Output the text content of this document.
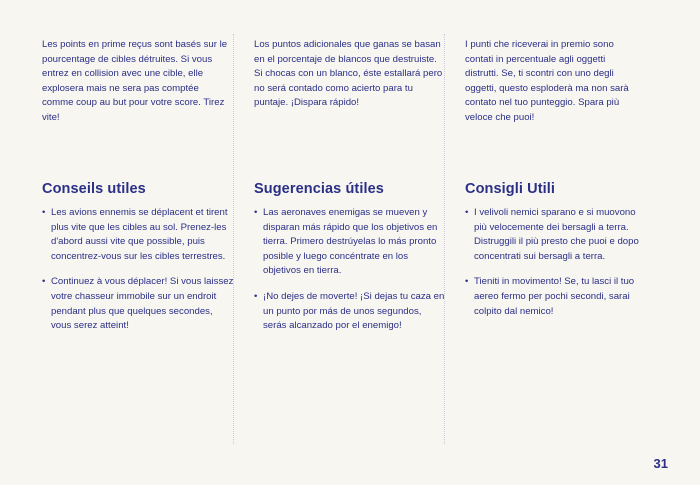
Les points en prime reçus sont basés sur le pourcentage de cibles détruites. Si vous entrez en collision avec une cible, elle explosera mais ne sera pas comptée comme coup au but pour votre score. Tirez vite!

Conseils utiles
• Les avions ennemis se déplacent et tirent plus vite que les cibles au sol. Prenez-les d'abord aussi vite que possible, puis concentrez-vous sur les cibles terrestres.
• Continuez à vous déplacer! Si vous laissez votre chasseur immobile sur un endroit pendant plus que quelques secondes, vous serez atteint!

Los puntos adicionales que ganas se basan en el porcentaje de blancos que destruiste. Si chocas con un blanco, éste estallará pero no será contado como acierto para tu puntaje. ¡Dispara rápido!

Sugerencias útiles
• Las aeronaves enemigas se mueven y disparan más rápido que los objetivos en tierra. Primero destrúyelas lo más pronto posible y luego concéntrate en los objetivos en tierra.
• ¡No dejes de moverte! ¡Si dejas tu caza en un punto por más de unos segundos, serás alcanzado por el enemigo!

I punti che riceverai in premio sono contati in percentuale agli oggetti distrutti. Se, ti scontri con uno degli oggetti, questo esploderà ma non sarà contato nel tuo punteggio. Spara più veloce che puoi!

Consigli Utili
• I velivoli nemici sparano e si muovono più velocemente dei bersagli a terra. Distruggili il più presto che puoi e dopo concentrati sui bersagli a terra.
• Tieniti in movimento! Se, tu lasci il tuo aereo fermo per pochi secondi, sarai colpito dal nemico!
31
